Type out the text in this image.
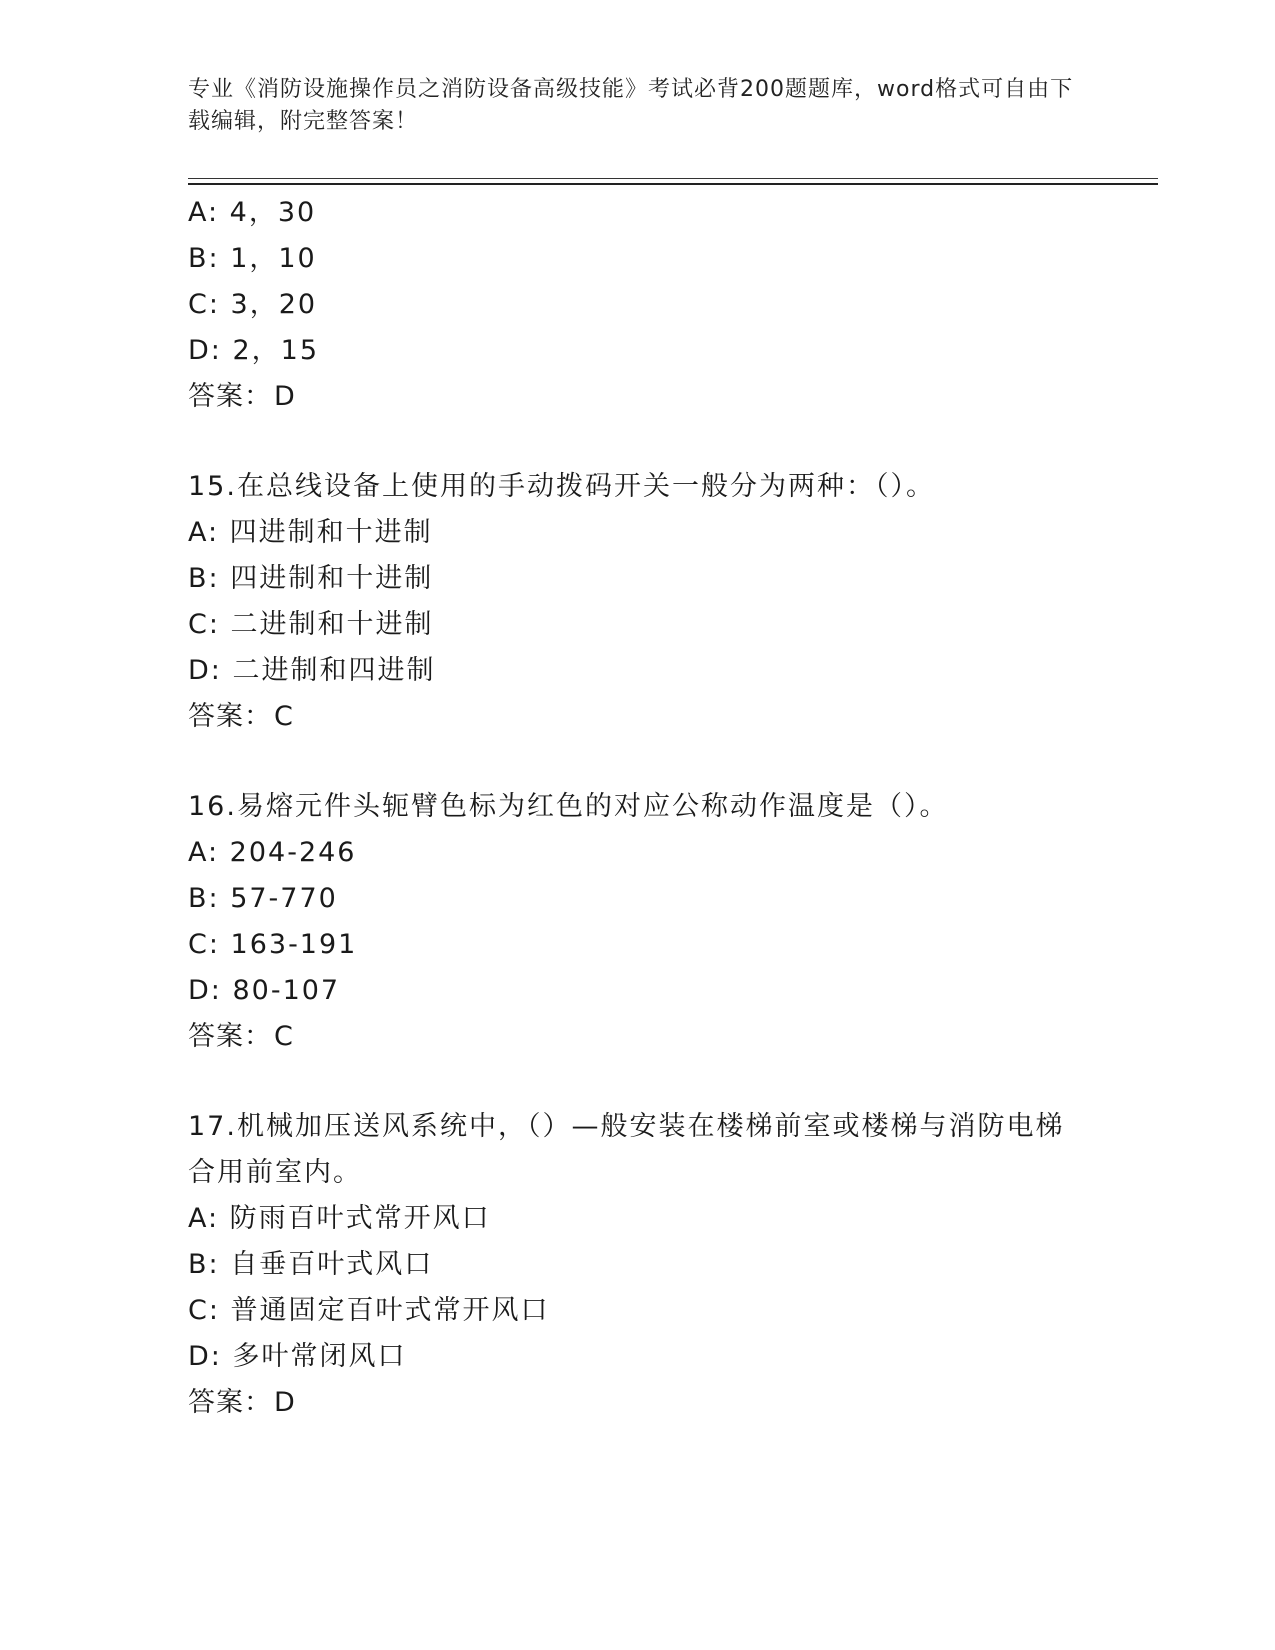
专业《消防设施操作员之消防设备高级技能》考试必背200题题库，word格式可自由下载编辑，附完整答案！
A: 4，30
B: 1，10
C: 3，20
D: 2，15
答案：D
15.在总线设备上使用的手动拨码开关一般分为两种：（）。
A: 四进制和十进制
B: 四进制和十进制
C: 二进制和十进制
D: 二进制和四进制
答案：C
16.易熔元件头轭臂色标为红色的对应公称动作温度是（）。
A: 204-246
B: 57-770
C: 163-191
D: 80-107
答案：C
17.机械加压送风系统中，（）—般安装在楼梯前室或楼梯与消防电梯合用前室内。
A: 防雨百叶式常开风口
B: 自垂百叶式风口
C: 普通固定百叶式常开风口
D: 多叶常闭风口
答案：D
